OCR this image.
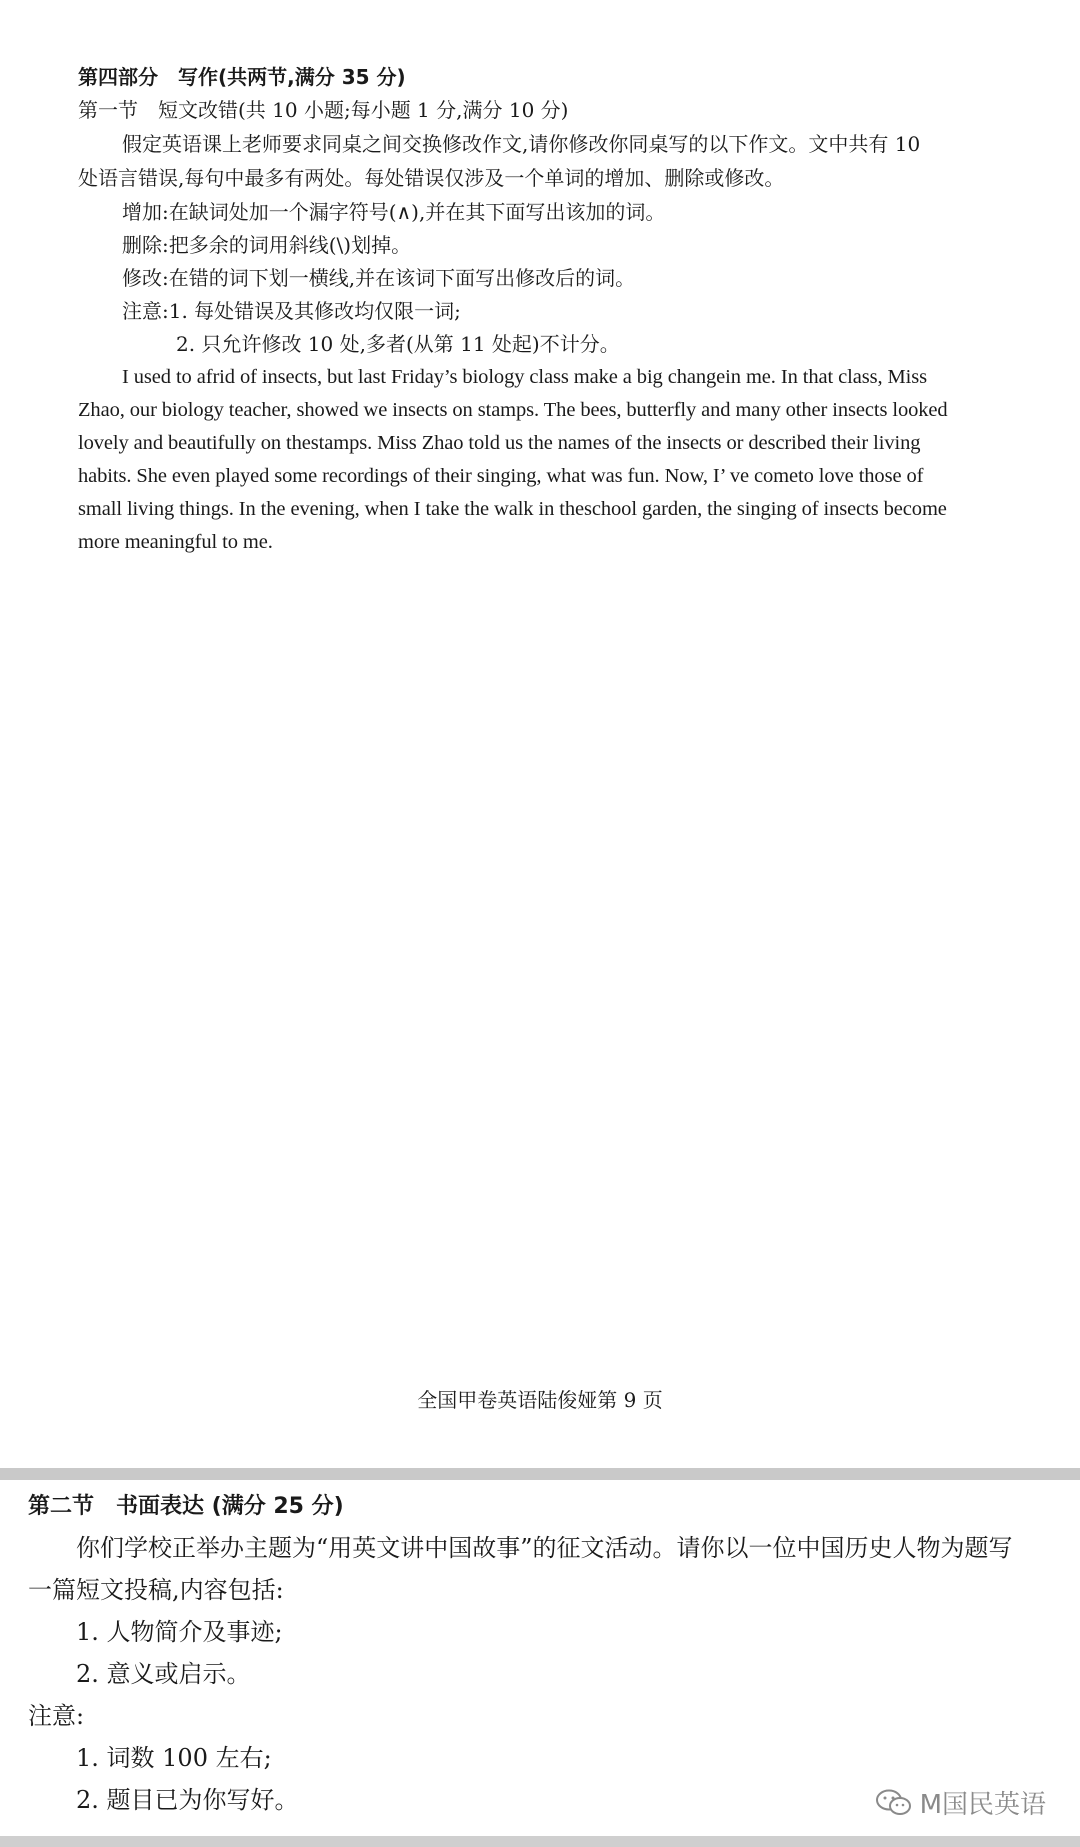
第四部分　写作(共两节,满分 35 分)
第一节　短文改错(共 10 小题;每小题 1 分,满分 10 分)
假定英语课上老师要求同桌之间交换修改作文,请你修改你同桌写的以下作文。文中共有 10
处语言错误,每句中最多有两处。每处错误仅涉及一个单词的增加、删除或修改。
增加:在缺词处加一个漏字符号(∧),并在其下面写出该加的词。
删除:把多余的词用斜线(\)划掉。
修改:在错的词下划一横线,并在该词下面写出修改后的词。
注意:1. 每处错误及其修改均仅限一词;
2. 只允许修改 10 处,多者(从第 11 处起)不计分。
I used to afrid of insects, but last Friday’s biology class make a big changein me. In that class, Miss
Zhao, our biology teacher, showed we insects on stamps. The bees, butterfly and many other insects looked
lovely and beautifully on thestamps. Miss Zhao told us the names of the insects or described their living
habits. She even played some recordings of their singing, what was fun. Now, I’ ve cometo love those of
small living things. In the evening, when I take the walk in theschool garden, the singing of insects become
more meaningful to me.
全国甲卷英语陆俊娅第 9 页
第二节　书面表达 (满分 25 分)
你们学校正举办主题为“用英文讲中国故事”的征文活动。请你以一位中国历史人物为题写
一篇短文投稿,内容包括:
1. 人物简介及事迹;
2. 意义或启示。
注意:
1. 词数 100 左右;
2. 题目已为你写好。	M国民英语
